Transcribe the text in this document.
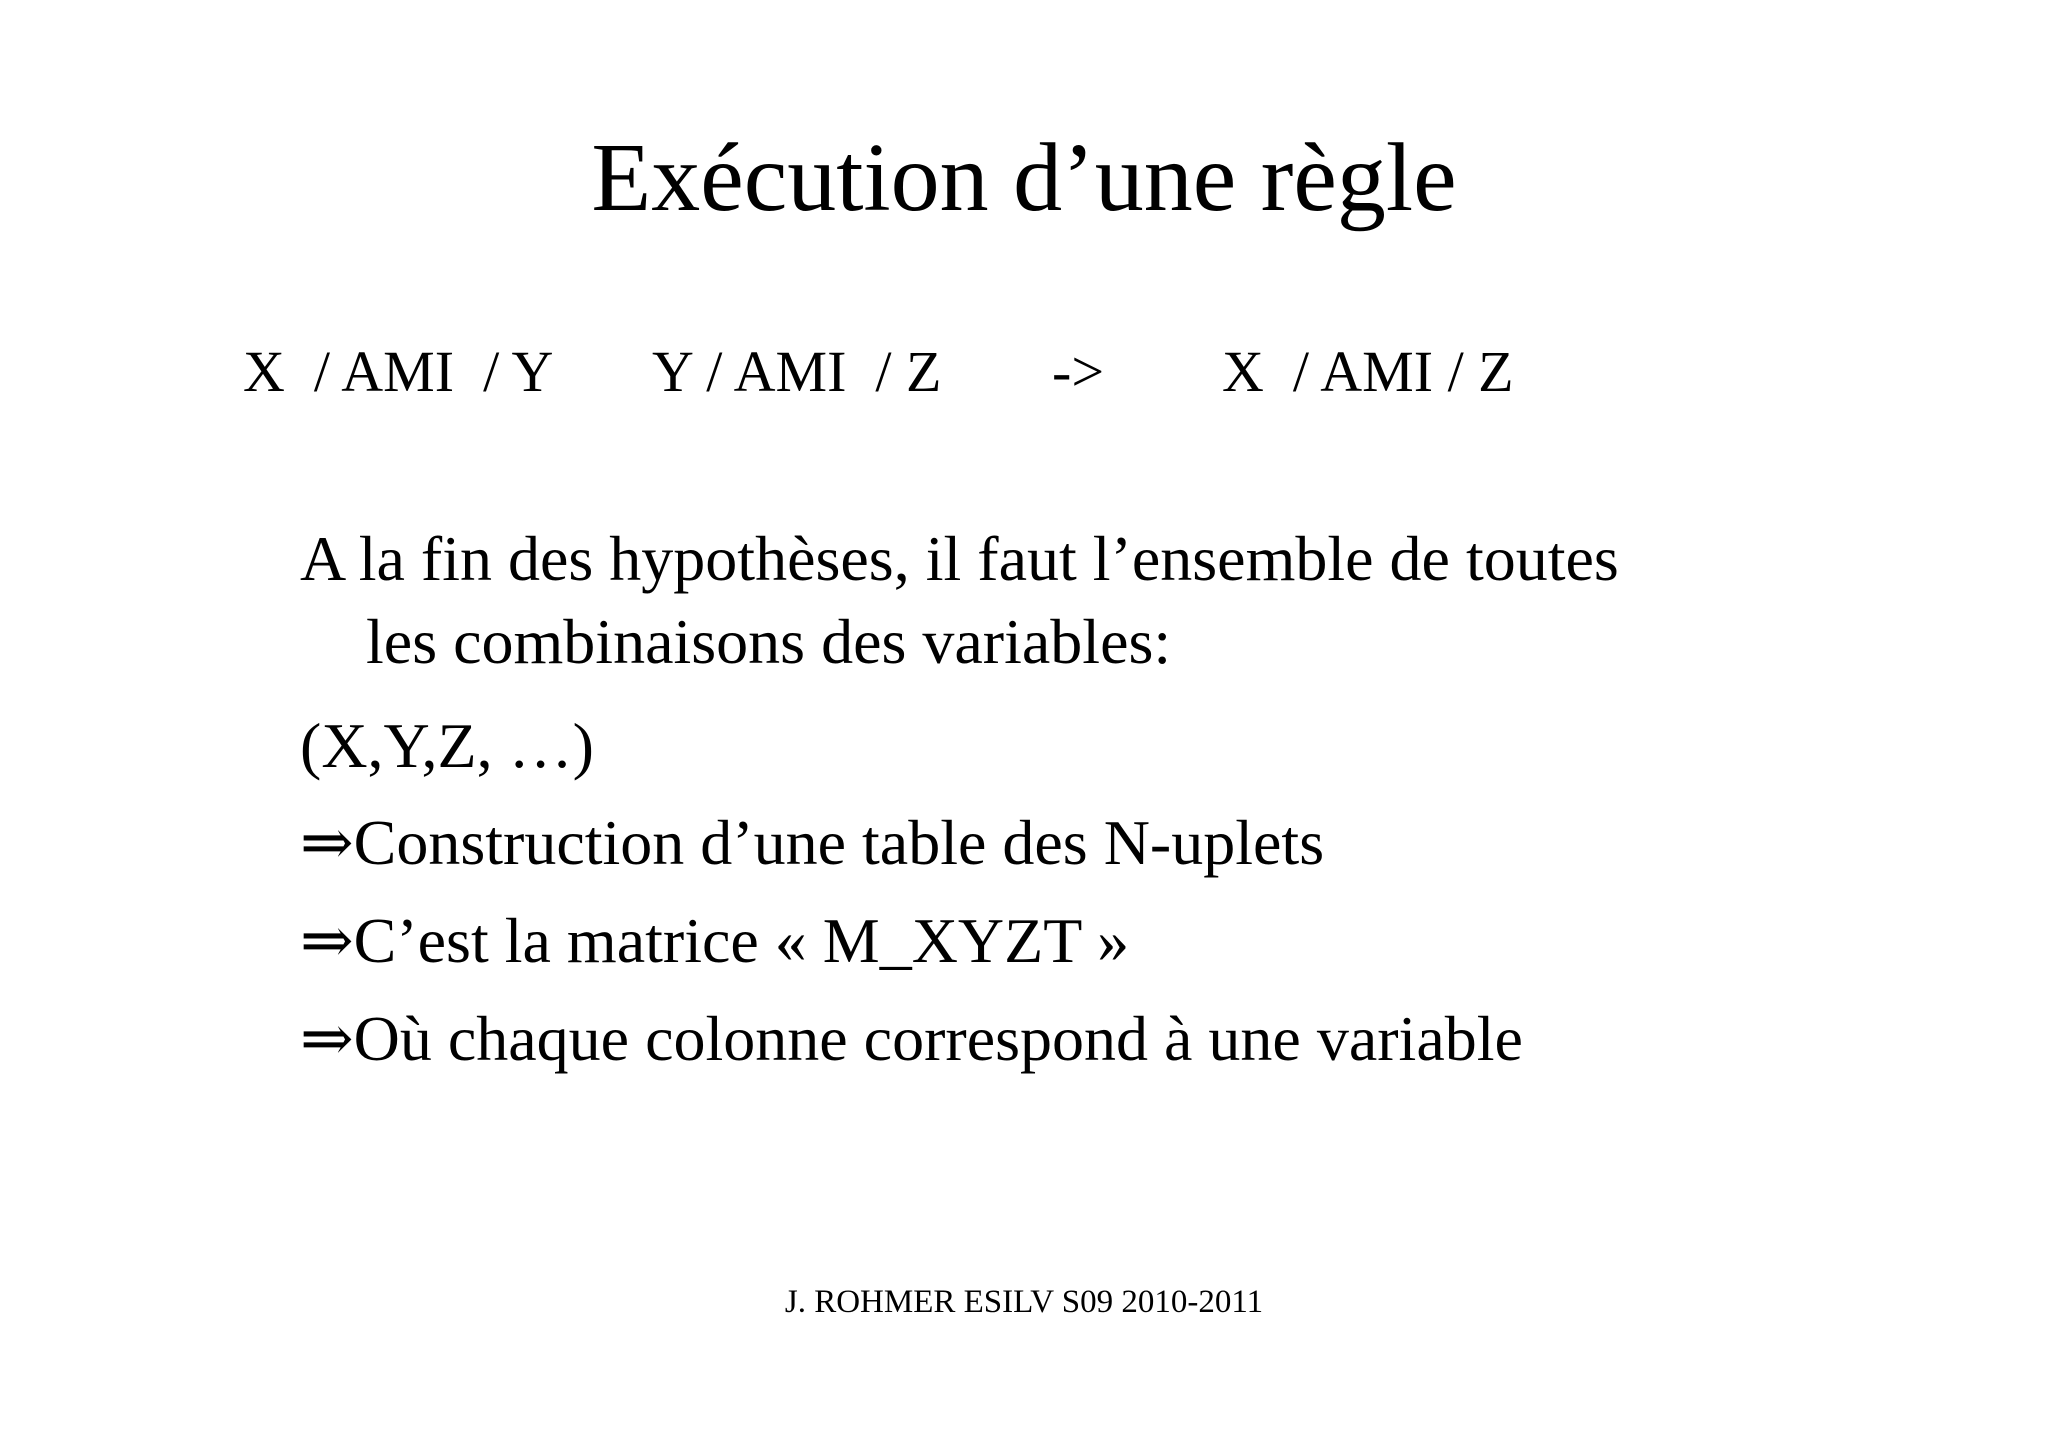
Exécution d’une règle
X  / AMI  / Y Y / AMI  / Z -> X  / AMI / Z
A la fin des hypothèses, il faut l’ensemble de toutes
les combinaisons des variables:
(X,Y,Z, …)
⇒Construction d’une table des N-uplets
⇒C’est la matrice « M_XYZT »
⇒Où chaque colonne correspond à une variable
J. ROHMER ESILV S09 2010-2011
